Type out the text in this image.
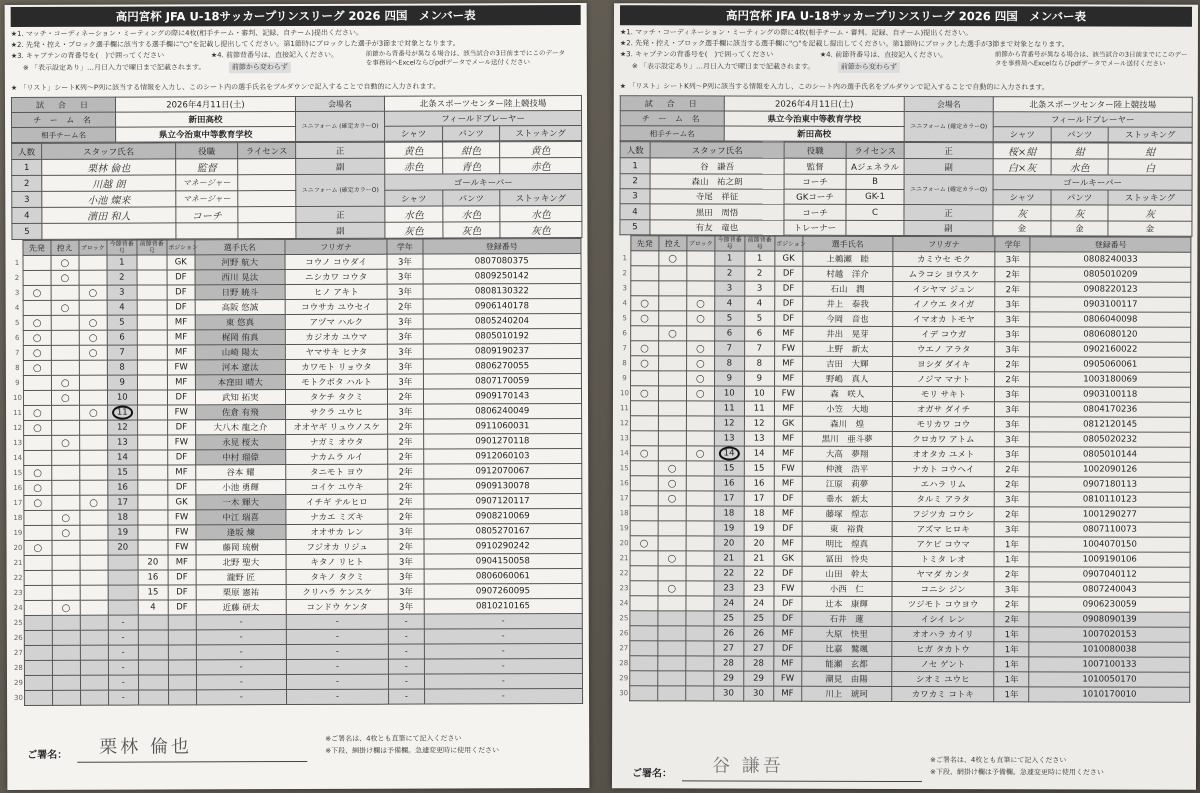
高円宮杯 JFA U-18サッカープリンスリーグ 2026 四国　メンバー表
★1. マッチ・コーディネーション・ミーティングの際に4枚(相手チーム・審判、記録、自チーム)提出ください。
★2. 先発・控え・ブロック選手欄に該当する選手欄に"○"を記載し提出してください。第1節時にブロックした選手が3節まで対象となります。
★3. キャプテンの背番号を(　)で囲ってください	★4. 前節背番号は、直接記入ください。
※ 「表示設定あり」…月日入力で曜日まで記載されます。	前節から変わらず
前節から背番号が異なる場合は、該当試合の3日前までにこのデータを事務局へExcelならびpdfデータでメール送付ください
★ 「リスト」シートK列〜P列に該当する情報を入力し、このシート内の選手氏名をプルダウンで記入することで自動的に入力されます。
試　合　日	2026年4月11日(土)	会場名	北条スポーツセンター陸上競技場		
チ ー ム 名	新田高校	ユニフォーム (確定カラーO)	フィールドプレーヤー		
相手チーム名	県立今治東中等教育学校		シャツ	パンツ	ストッキング
人数	スタッフ氏名	役職	ライセンス	正	黄色	紺色	黄色
1	栗林 倫也	監督		副	赤色	青色	赤色
2	川越 朗	マネージャー		ユニフォーム (確定カラーO)	ゴールキーパー		
3	小池 燦来	マネージャー			シャツ	パンツ	ストッキング
4	濱田 和人	コーチ		正	水色	水色	水色
5				副	灰色	灰色	灰色
	先発	控え	ブロック	今節背番号	前節背番号	ポジション	選手氏名	フリガナ	学年	登録番号
1		○		1		GK	河野 航大	コウノ コウダイ	3年	0807080375
2		○		2		DF	西川 晃汰	ニシカワ コウタ	3年	0809250142
3	○		○	3		DF	日野 暁斗	ヒノ アキト	3年	0808130322
4		○		4		DF	高阪 悠誠	コウサカ ユウセイ	2年	0906140178
5	○		○	5		MF	東 悠真	アヅマ ハルク	3年	0805240204
6	○		○	6		MF	梶岡 侑真	カジオカ ユウマ	3年	0805010192
7	○		○	7		MF	山崎 陽太	ヤマサキ ヒナタ	3年	0809190237
8	○			8		FW	河本 遼汰	カワモト リョウタ	3年	0806270055
9		○		9		MF	本窪田 晴大	モトクボタ ハルト	3年	0807170059
10		○		10		DF	武知 拓実	タケチ タクミ	2年	0909170143
11	○		○	11		FW	佐倉 有飛	サクラ ユウヒ	3年	0806240049
12	○			12		DF	大八木 龍之介	オオヤギ リュウノスケ	2年	0911060031
13		○		13		FW	永見 桜太	ナガミ オウタ	2年	0901270118
14				14		DF	中村 瑠偉	ナカムラ ルイ	2年	0912060103
15	○			15		MF	谷本 耀	タニモト ヨウ	2年	0912070067
16	○			16		DF	小池 勇輝	コイケ ユウキ	2年	0909130078
17	○		○	17		GK	一木 輝大	イチギ テルヒロ	2年	0907120117
18		○		18		FW	中江 瑞喜	ナカエ ミズキ	2年	0908210069
19		○		19		FW	逢坂 煉	オオサカ レン	3年	0805270167
20	○			20		FW	藤岡 琉樹	フジオカ リジュ	2年	0910290242
21					20	MF	北野 聖大	キタノ リヒト	3年	0904150058
22					16	DF	瀧野 匠	タキノ タクミ	3年	0806060061
23					15	DF	栗原 憲祐	クリハラ ケンスケ	3年	0907260095
24		○			4	DF	近藤 研太	コンドウ ケンタ	3年	0810210165
25				-			-	-	-	-
26				-			-	-	-	-
27				-			-	-	-	-
28				-			-	-	-	-
29				-			-	-	-	-
30				-			-	-	-	-
ご署名： 栗林 倫也	※ご署名は、4枚とも直筆にて記入ください
※下段、網掛け欄は予備欄。急遽変更時に使用ください
高円宮杯 JFA U-18サッカープリンスリーグ 2026 四国　メンバー表
★1. マッチ・コーディネーション・ミーティングの際に4枚(相手チーム・審判、記録、自チーム)提出ください。
★2. 先発・控え・ブロック選手欄に該当する選手欄に"○"を記載し提出してください。第1節時にブロックした選手が3節まで対象となります。
★3. キャプテンの背番号を(　)で囲ってください	★4. 前節背番号は、直接記入ください。
※ 「表示設定あり」…月日入力で曜日まで記載されます。	前節から変わらず
前節から背番号が異なる場合は、該当試合の3日前までにこのデータを事務局へExcelならびpdfデータでメール送付ください
★ 「リスト」シートK列〜P列に該当する情報を入力し、このシート内の選手氏名をプルダウンで記入することで自動的に入力されます。
試　合　日	2026年4月11日(土)	会場名	北条スポーツセンター陸上競技場		
チ ー ム 名	県立今治東中等教育学校	ユニフォーム (確定カラーO)	フィールドプレーヤー		
相手チーム名	新田高校		シャツ	パンツ	ストッキング
人数	スタッフ氏名	役職	ライセンス	正	桜×紺	紺	紺
1	谷　謙吾	監督	Aジェネラル	副	白×灰	水色	白
2	森山　祐之朗	コーチ	B	ユニフォーム (確定カラーO)	ゴールキーパー		
3	寺尾　祥征	GKコーチ	GK-1		シャツ	パンツ	ストッキング
4	黒田　周悟	コーチ	C	正	灰	灰	灰
5	有友　竜也	トレーナー		副	金	金	金
	先発	控え	ブロック	今節背番号	前節背番号	ポジション	選手氏名	フリガナ	学年	登録番号
1		○		1	1	GK	上鵜瀬　睦	カミウセ モク	3年	0808240033
2				2	2	DF	村越　洋介	ムラコシ ヨウスケ	2年	0805010209
3				3	3	DF	石山　潤	イシヤマ ジュン	2年	0908220123
4	○		○	4	4	DF	井上　泰我	イノウエ タイガ	3年	0903100117
5	○		○	5	5	DF	今岡　音也	イマオカ トモヤ	3年	0806040098
6		○		6	6	MF	井出　晃芽	イデ コウガ	3年	0806080120
7	○		○	7	7	FW	上野　新太	ウエノ アラタ	3年	0902160022
8	○		○	8	8	MF	吉田　大輝	ヨシダ ダイキ	2年	0905060061
9			○	9	9	MF	野嶋　真人	ノジマ マナト	2年	1003180069
10	○		○	10	10	FW	森　咲人	モリ サキト	3年	0903100118
11				11	11	MF	小笠　大地	オガサ ダイチ	3年	0804170236
12				12	12	GK	森川　煌	モリカワ コウ	3年	0812120145
13				13	13	MF	黒川　亜斗夢	クロカワ アトム	3年	0805020232
14	○		○	14	14	MF	大高　夢翔	オオタカ ユメト	3年	0805010144
15		○		15	15	FW	仲渡　浩平	ナカト コウヘイ	2年	1002090126
16		○		16	16	MF	江原　莉夢	エハラ リム	2年	0907180113
17		○		17	17	DF	垂水　新太	タルミ アラタ	3年	0810110123
18				18	18	MF	藤塚　煌志	フジツカ コウシ	2年	1001290277
19				19	19	DF	東　裕貴	アズマ ヒロキ	3年	0807110073
20	○			20	20	MF	明比　煌真	アケビ コウマ	1年	1004070150
21		○		21	21	GK	冨田　怜央	トミタ レオ	1年	1009190106
22				22	22	DF	山田　幹太	ヤマダ カンタ	2年	0907040112
23		○		23	23	FW	小西　仁	コニシ ジン	3年	0807240043
24				24	24	DF	辻本　康輝	ツジモト コウヨウ	2年	0906230059
25				25	25	DF	石井　蓮	イシイ レン	2年	0908090139
26				26	26	MF	大原　快里	オオハラ カイリ	1年	1007020153
27				27	27	DF	比嘉　鷲颯	ヒガ タカトウ	1年	1010080038
28				28	28	MF	能瀬　玄都	ノセ ゲント	1年	1007100133
29				29	29	FW	潮見　由陽	シオミ ユウヒ	1年	1010050170
30				30	30	MF	川上　琥珂	カワカミ コトキ	1年	1010170010
ご署名： 谷 謙吾	※ご署名は、4枚とも直筆にて記入ください
※下段、網掛け欄は予備欄。急遽変更時に使用ください
